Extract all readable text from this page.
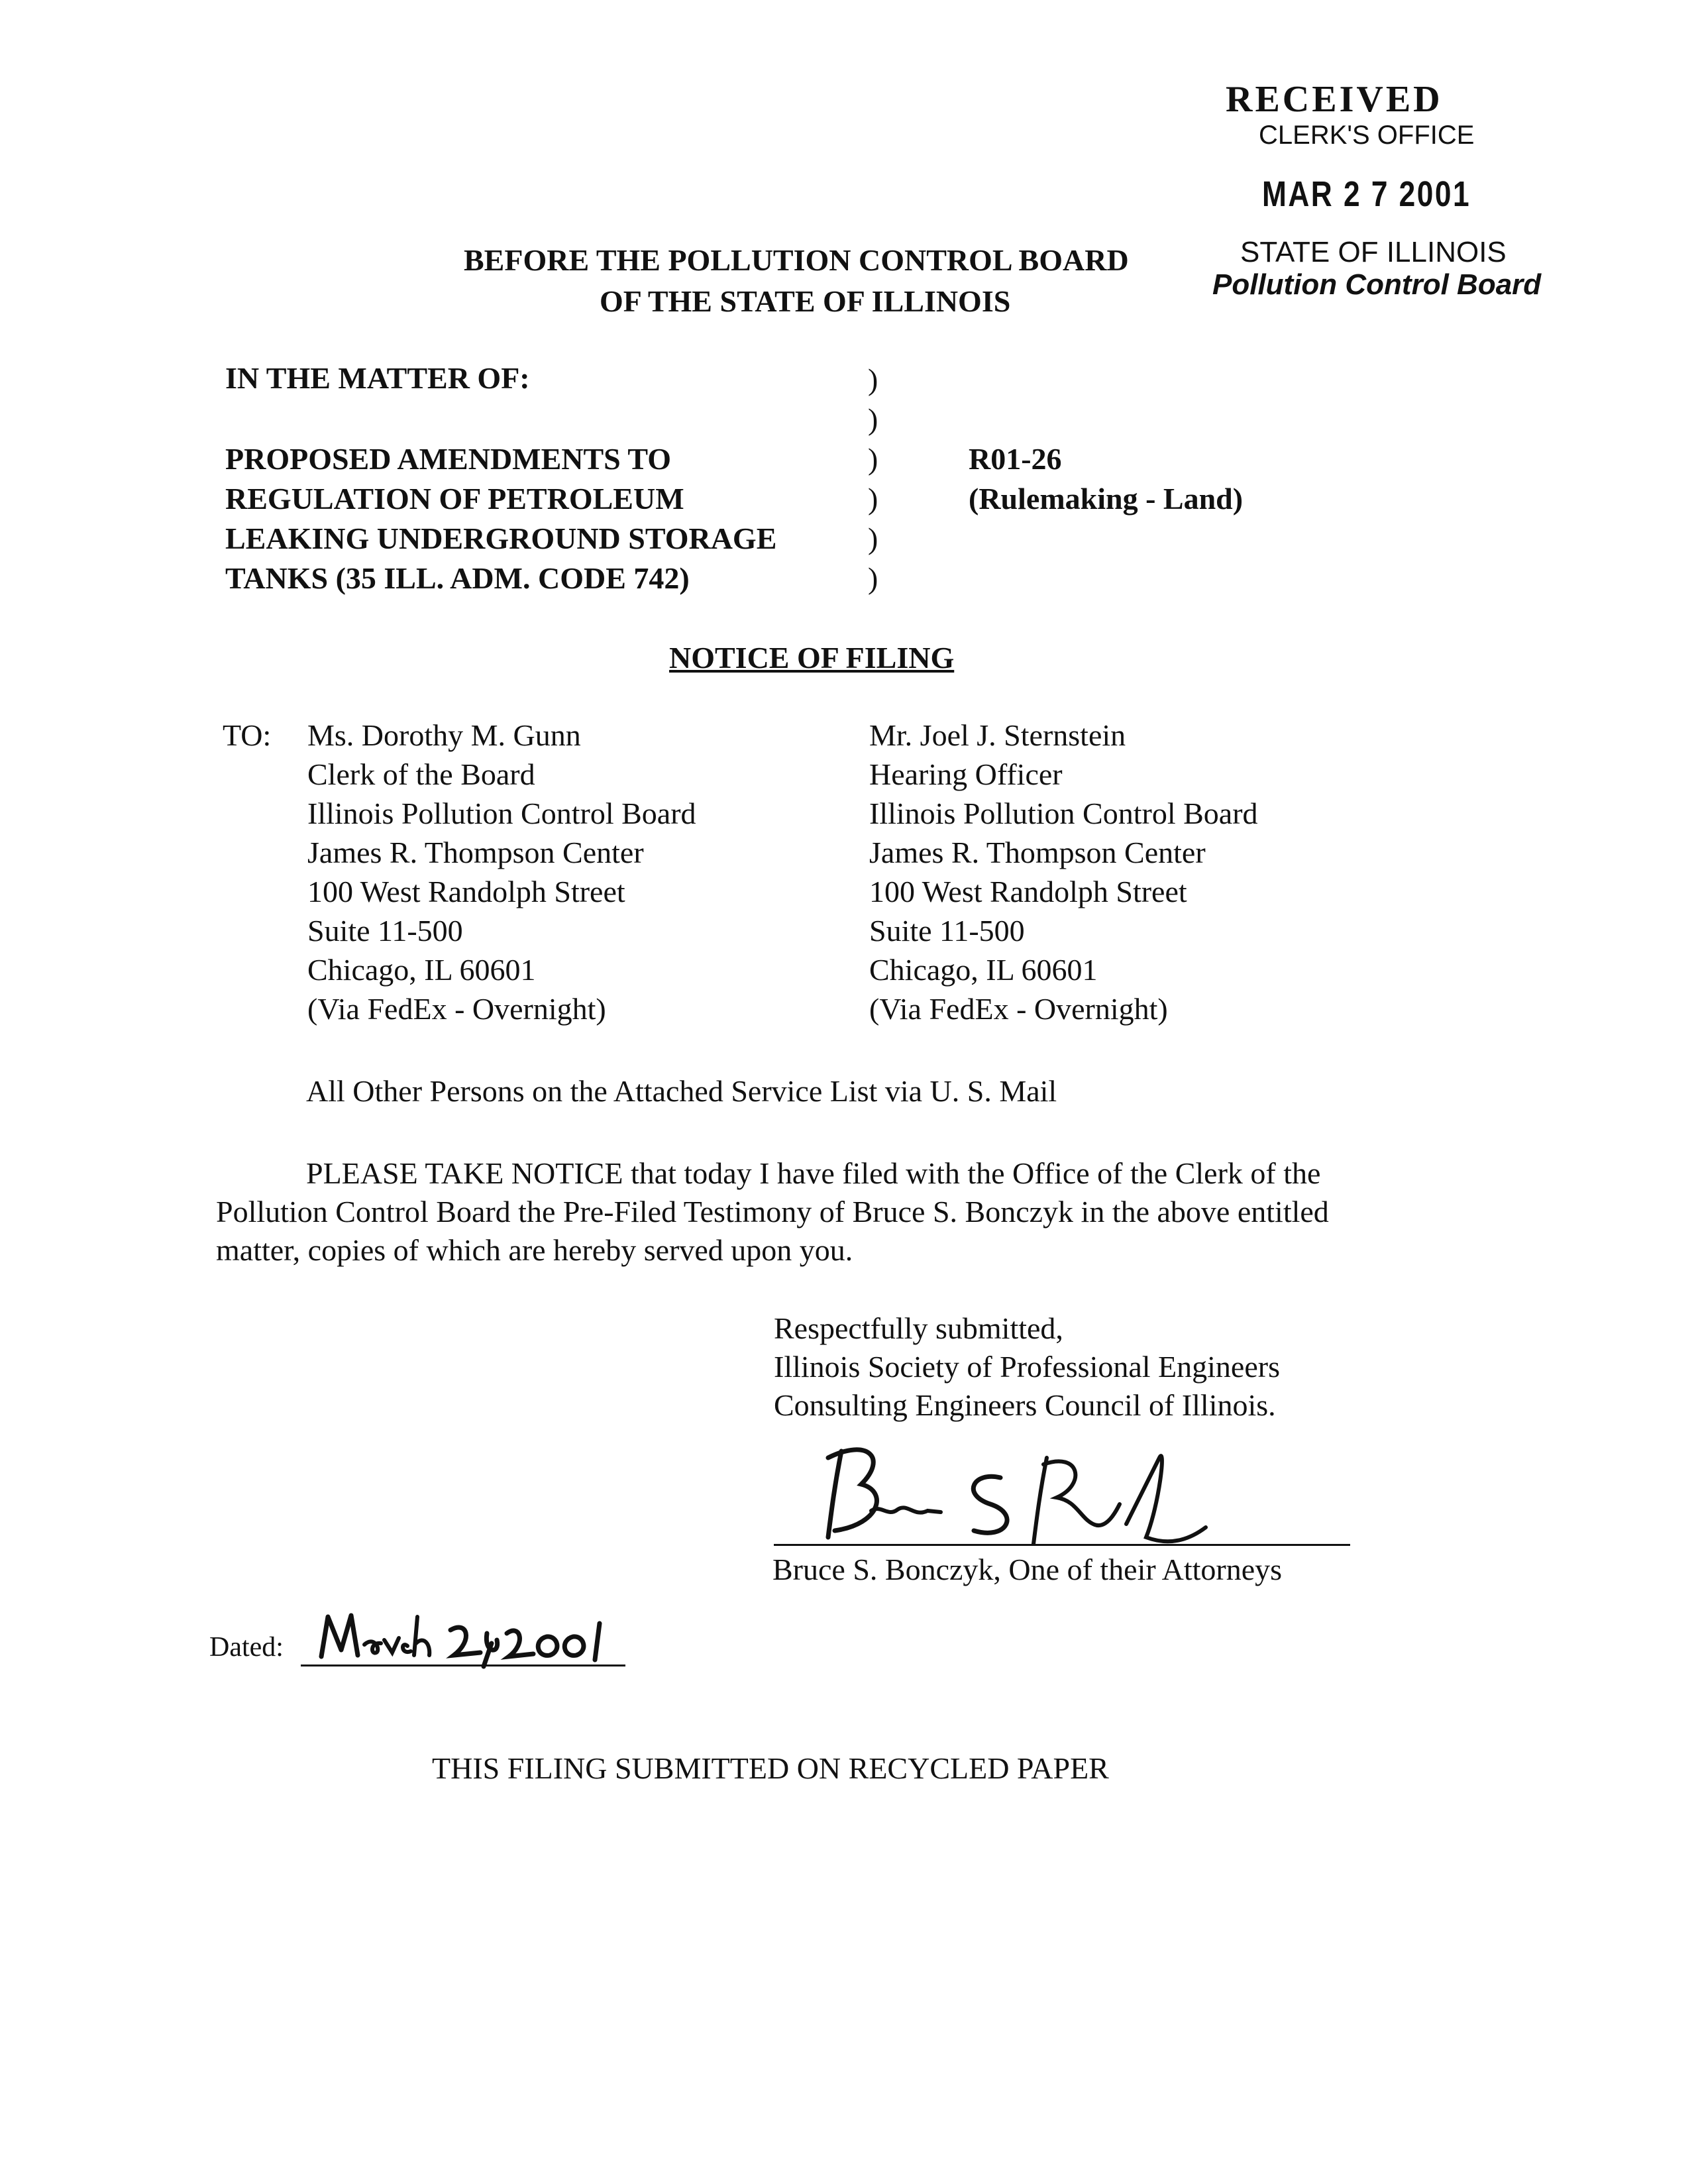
RECEIVED
CLERK'S OFFICE
MAR 2 7 2001
STATE OF ILLINOIS
Pollution Control Board
BEFORE THE POLLUTION CONTROL BOARD
OF THE STATE OF ILLINOIS
IN THE MATTER OF:
PROPOSED AMENDMENTS TO
REGULATION OF PETROLEUM
LEAKING UNDERGROUND STORAGE
TANKS (35 ILL. ADM. CODE 742)
)
)
)
)
)
)
R01-26
(Rulemaking - Land)
NOTICE OF FILING
TO: Ms. Dorothy M. Gunn
Clerk of the Board
Illinois Pollution Control Board
James R. Thompson Center
100 West Randolph Street
Suite 11-500
Chicago, IL 60601
(Via FedEx - Overnight)
Mr. Joel J. Sternstein
Hearing Officer
Illinois Pollution Control Board
James R. Thompson Center
100 West Randolph Street
Suite 11-500
Chicago, IL 60601
(Via FedEx - Overnight)
All Other Persons on the Attached Service List via U. S. Mail
PLEASE TAKE NOTICE that today I have filed with the Office of the Clerk of the
Pollution Control Board the Pre-Filed Testimony of Bruce S. Bonczyk in the above entitled
matter, copies of which are hereby served upon you.
Respectfully submitted,
Illinois Society of Professional Engineers
Consulting Engineers Council of Illinois.
Bruce S. Bonczyk, One of their Attorneys
Dated:
THIS FILING SUBMITTED ON RECYCLED PAPER
